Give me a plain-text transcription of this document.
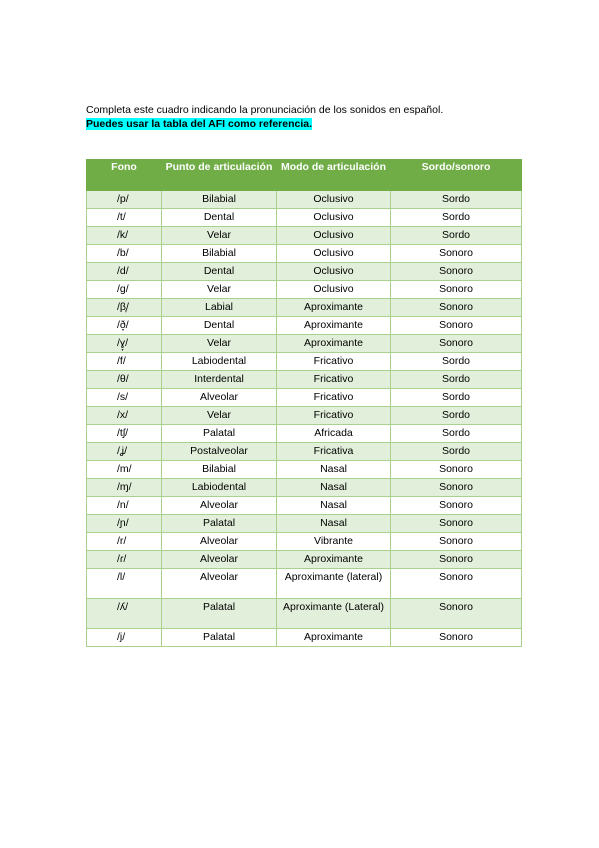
Completa este cuadro indicando la pronunciación de los sonidos en español.

Puedes usar la tabla del AFI como referencia.

Fono	Punto de articulación	Modo de articulación	Sordo/sonoro
/p/	Bilabial	Oclusivo	Sordo
/t/	Dental	Oclusivo	Sordo
/k/	Velar	Oclusivo	Sordo
/b/	Bilabial	Oclusivo	Sonoro
/d/	Dental	Oclusivo	Sonoro
/g/	Velar	Oclusivo	Sonoro
/β̞/	Labial	Aproximante	Sonoro
/ð̞/	Dental	Aproximante	Sonoro
/ɣ̞/	Velar	Aproximante	Sonoro
/f/	Labiodental	Fricativo	Sordo
/θ/	Interdental	Fricativo	Sordo
/s/	Alveolar	Fricativo	Sordo
/x/	Velar	Fricativo	Sordo
/tʃ/	Palatal	Africada	Sordo
/ʝ/	Postalveolar	Fricativa	Sordo
/m/	Bilabial	Nasal	Sonoro
/ɱ/	Labiodental	Nasal	Sonoro
/n/	Alveolar	Nasal	Sonoro
/ɲ/	Palatal	Nasal	Sonoro
/r/	Alveolar	Vibrante	Sonoro
/ɾ/	Alveolar	Aproximante	Sonoro
/l/	Alveolar	Aproximante (lateral)	Sonoro
/ʎ/	Palatal	Aproximante (Lateral)	Sonoro
/j/	Palatal	Aproximante	Sonoro
